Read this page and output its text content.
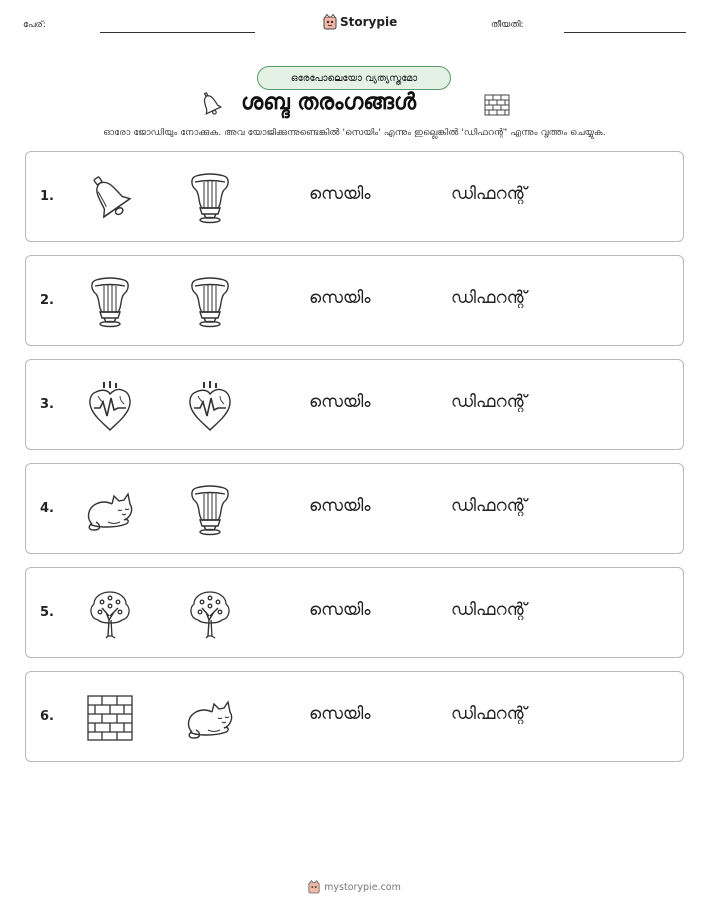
പേര്:	Storypie	തീയതി:
ഒരേപോലെയോ വ്യത്യസ്തമോ
ശബ്ദ തരംഗങ്ങൾ
ഓരോ ജോഡിയും നോക്കുക. അവ യോജിക്കുന്നുണ്ടെങ്കിൽ 'സെയിം' എന്നും ഇല്ലെങ്കിൽ 'ഡിഫറന്റ്' എന്നും വൃത്തം ചെയ്യുക.
1.	സെയിം	ഡിഫറന്റ്
2.	സെയിം	ഡിഫറന്റ്
3.	സെയിം	ഡിഫറന്റ്
4.	സെയിം	ഡിഫറന്റ്
5.	സെയിം	ഡിഫറന്റ്
6.	സെയിം	ഡിഫറന്റ്
mystorypie.com
